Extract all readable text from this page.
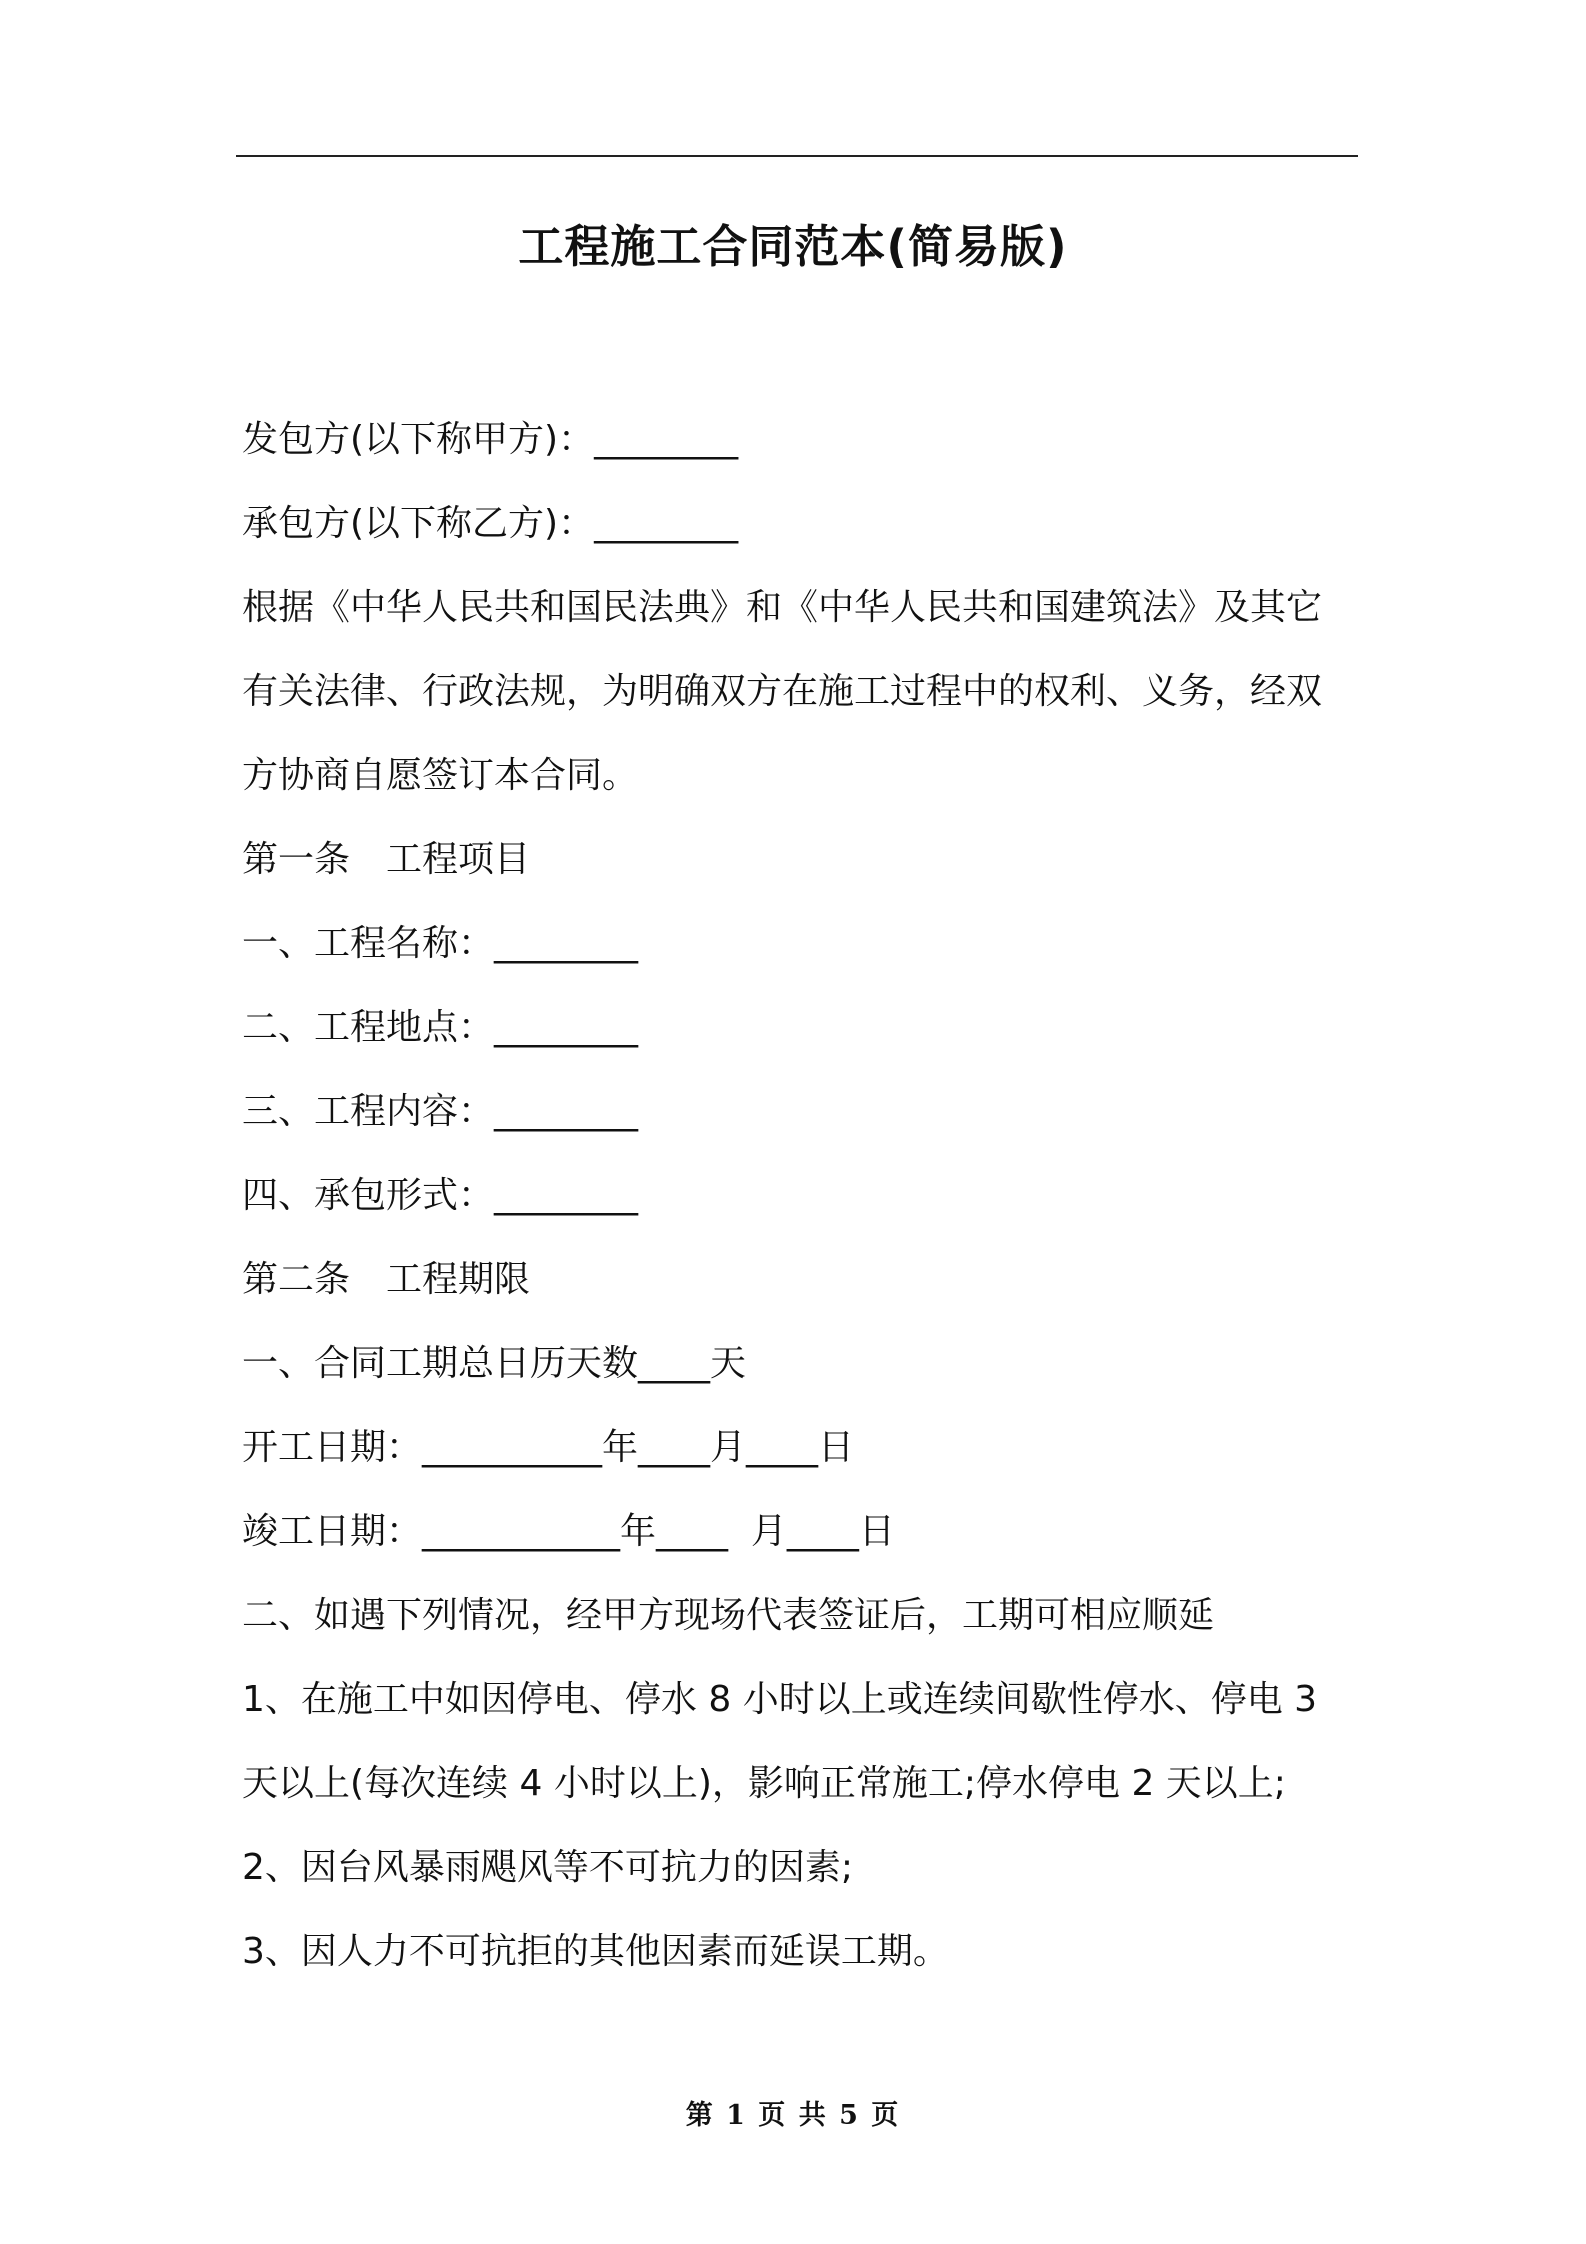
工程施工合同范本(简易版)
发包方(以下称甲方)：________
承包方(以下称乙方)：________
根据《中华人民共和国民法典》和《中华人民共和国建筑法》及其它
有关法律、行政法规，为明确双方在施工过程中的权利、义务，经双
方协商自愿签订本合同。
第一条　工程项目
一、工程名称：________
二、工程地点：________
三、工程内容：________
四、承包形式：________
第二条　工程期限
一、合同工期总日历天数____天
开工日期：__________年____月____日
竣工日期：___________年____  月____日
二、如遇下列情况，经甲方现场代表签证后，工期可相应顺延
1、在施工中如因停电、停水 8 小时以上或连续间歇性停水、停电 3
天以上(每次连续 4 小时以上)，影响正常施工;停水停电 2 天以上;
2、因台风暴雨飓风等不可抗力的因素;
3、因人力不可抗拒的其他因素而延误工期。
第 1 页 共 5 页
